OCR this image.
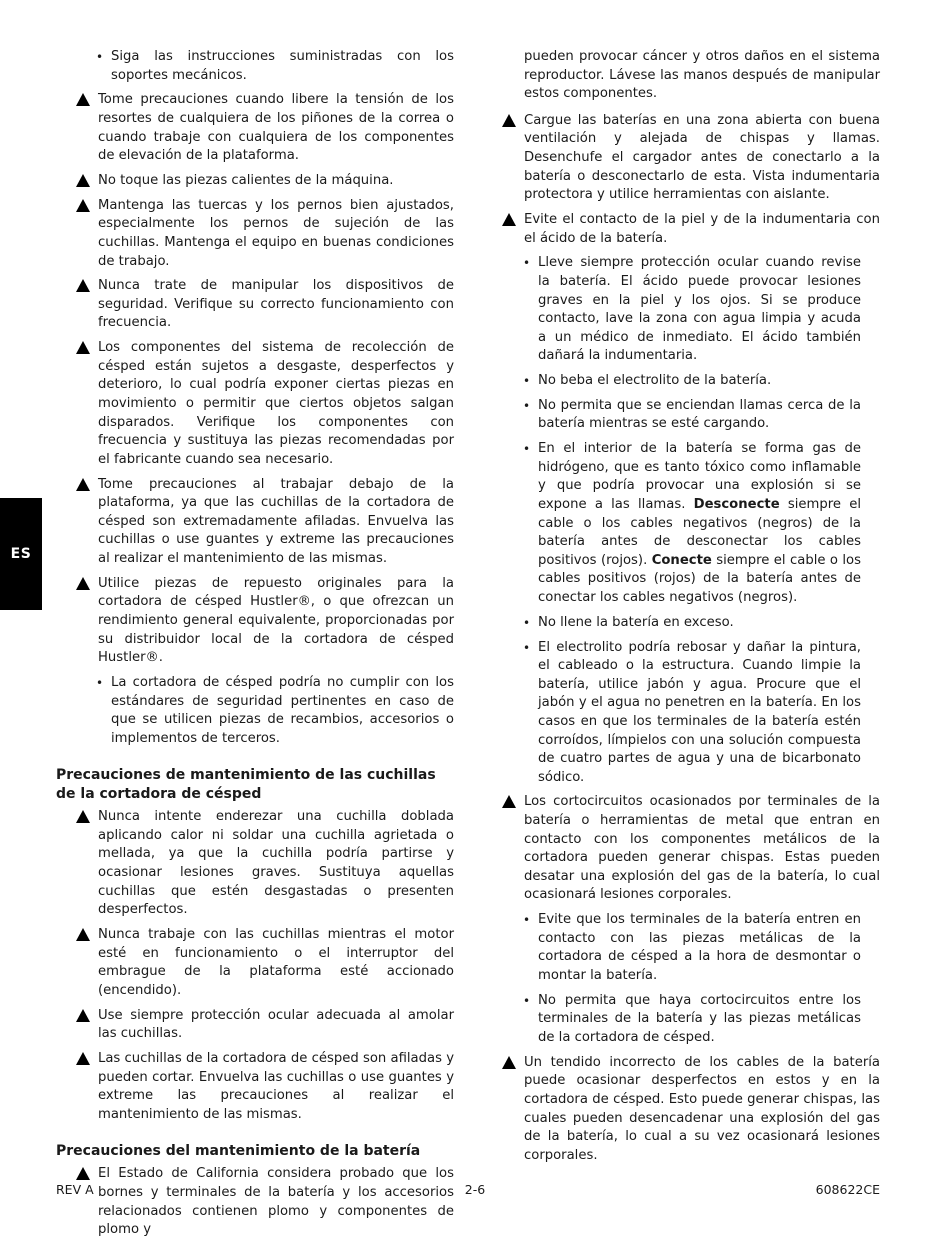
ES
• Siga las instrucciones suministradas con los soportes mecánicos.
Tome precauciones cuando libere la tensión de los resortes de cualquiera de los piñones de la correa o cuando trabaje con cualquiera de los componentes de elevación de la plataforma.
No toque las piezas calientes de la máquina.
Mantenga las tuercas y los pernos bien ajustados, especialmente los pernos de sujeción de las cuchillas. Mantenga el equipo en buenas condiciones de trabajo.
Nunca trate de manipular los dispositivos de seguridad. Verifique su correcto funcionamiento con frecuencia.
Los componentes del sistema de recolección de césped están sujetos a desgaste, desperfectos y deterioro, lo cual podría exponer ciertas piezas en movimiento o permitir que ciertos objetos salgan disparados. Verifique los componentes con frecuencia y sustituya las piezas recomendadas por el fabricante cuando sea necesario.
Tome precauciones al trabajar debajo de la plataforma, ya que las cuchillas de la cortadora de césped son extremadamente afiladas. Envuelva las cuchillas o use guantes y extreme las precauciones al realizar el mantenimiento de las mismas.
Utilice piezas de repuesto originales para la cortadora de césped Hustler®, o que ofrezcan un rendimiento general equivalente, proporcionadas por su distribuidor local de la cortadora de césped Hustler®.
• La cortadora de césped podría no cumplir con los estándares de seguridad pertinentes en caso de que se utilicen piezas de recambios, accesorios o implementos de terceros.
Precauciones de mantenimiento de las cuchillas de la cortadora de césped
Nunca intente enderezar una cuchilla doblada aplicando calor ni soldar una cuchilla agrietada o mellada, ya que la cuchilla podría partirse y ocasionar lesiones graves. Sustituya aquellas cuchillas que estén desgastadas o presenten desperfectos.
Nunca trabaje con las cuchillas mientras el motor esté en funcionamiento o el interruptor del embrague de la plataforma esté accionado (encendido).
Use siempre protección ocular adecuada al amolar las cuchillas.
Las cuchillas de la cortadora de césped son afiladas y pueden cortar. Envuelva las cuchillas o use guantes y extreme las precauciones al realizar el mantenimiento de las mismas.
Precauciones del mantenimiento de la batería
El Estado de California considera probado que los bornes y terminales de la batería y los accesorios relacionados contienen plomo y componentes de plomo y
pueden provocar cáncer y otros daños en el sistema reproductor. Lávese las manos después de manipular estos componentes.
Cargue las baterías en una zona abierta con buena ventilación y alejada de chispas y llamas. Desenchufe el cargador antes de conectarlo a la batería o desconectarlo de esta. Vista indumentaria protectora y utilice herramientas con aislante.
Evite el contacto de la piel y de la indumentaria con el ácido de la batería.
• Lleve siempre protección ocular cuando revise la batería. El ácido puede provocar lesiones graves en la piel y los ojos. Si se produce contacto, lave la zona con agua limpia y acuda a un médico de inmediato. El ácido también dañará la indumentaria.
• No beba el electrolito de la batería.
• No permita que se enciendan llamas cerca de la batería mientras se esté cargando.
• En el interior de la batería se forma gas de hidrógeno, que es tanto tóxico como inflamable y que podría provocar una explosión si se expone a las llamas. Desconecte siempre el cable o los cables negativos (negros) de la batería antes de desconectar los cables positivos (rojos). Conecte siempre el cable o los cables positivos (rojos) de la batería antes de conectar los cables negativos (negros).
• No llene la batería en exceso.
• El electrolito podría rebosar y dañar la pintura, el cableado o la estructura. Cuando limpie la batería, utilice jabón y agua. Procure que el jabón y el agua no penetren en la batería. En los casos en que los terminales de la batería estén corroídos, límpielos con una solución compuesta de cuatro partes de agua y una de bicarbonato sódico.
Los cortocircuitos ocasionados por terminales de la batería o herramientas de metal que entran en contacto con los componentes metálicos de la cortadora pueden generar chispas. Estas pueden desatar una explosión del gas de la batería, lo cual ocasionará lesiones corporales.
• Evite que los terminales de la batería entren en contacto con las piezas metálicas de la cortadora de césped a la hora de desmontar o montar la batería.
• No permita que haya cortocircuitos entre los terminales de la batería y las piezas metálicas de la cortadora de césped.
Un tendido incorrecto de los cables de la batería puede ocasionar desperfectos en estos y en la cortadora de césped. Esto puede generar chispas, las cuales pueden desencadenar una explosión del gas de la batería, lo cual a su vez ocasionará lesiones corporales.
REV A	2-6	608622CE
